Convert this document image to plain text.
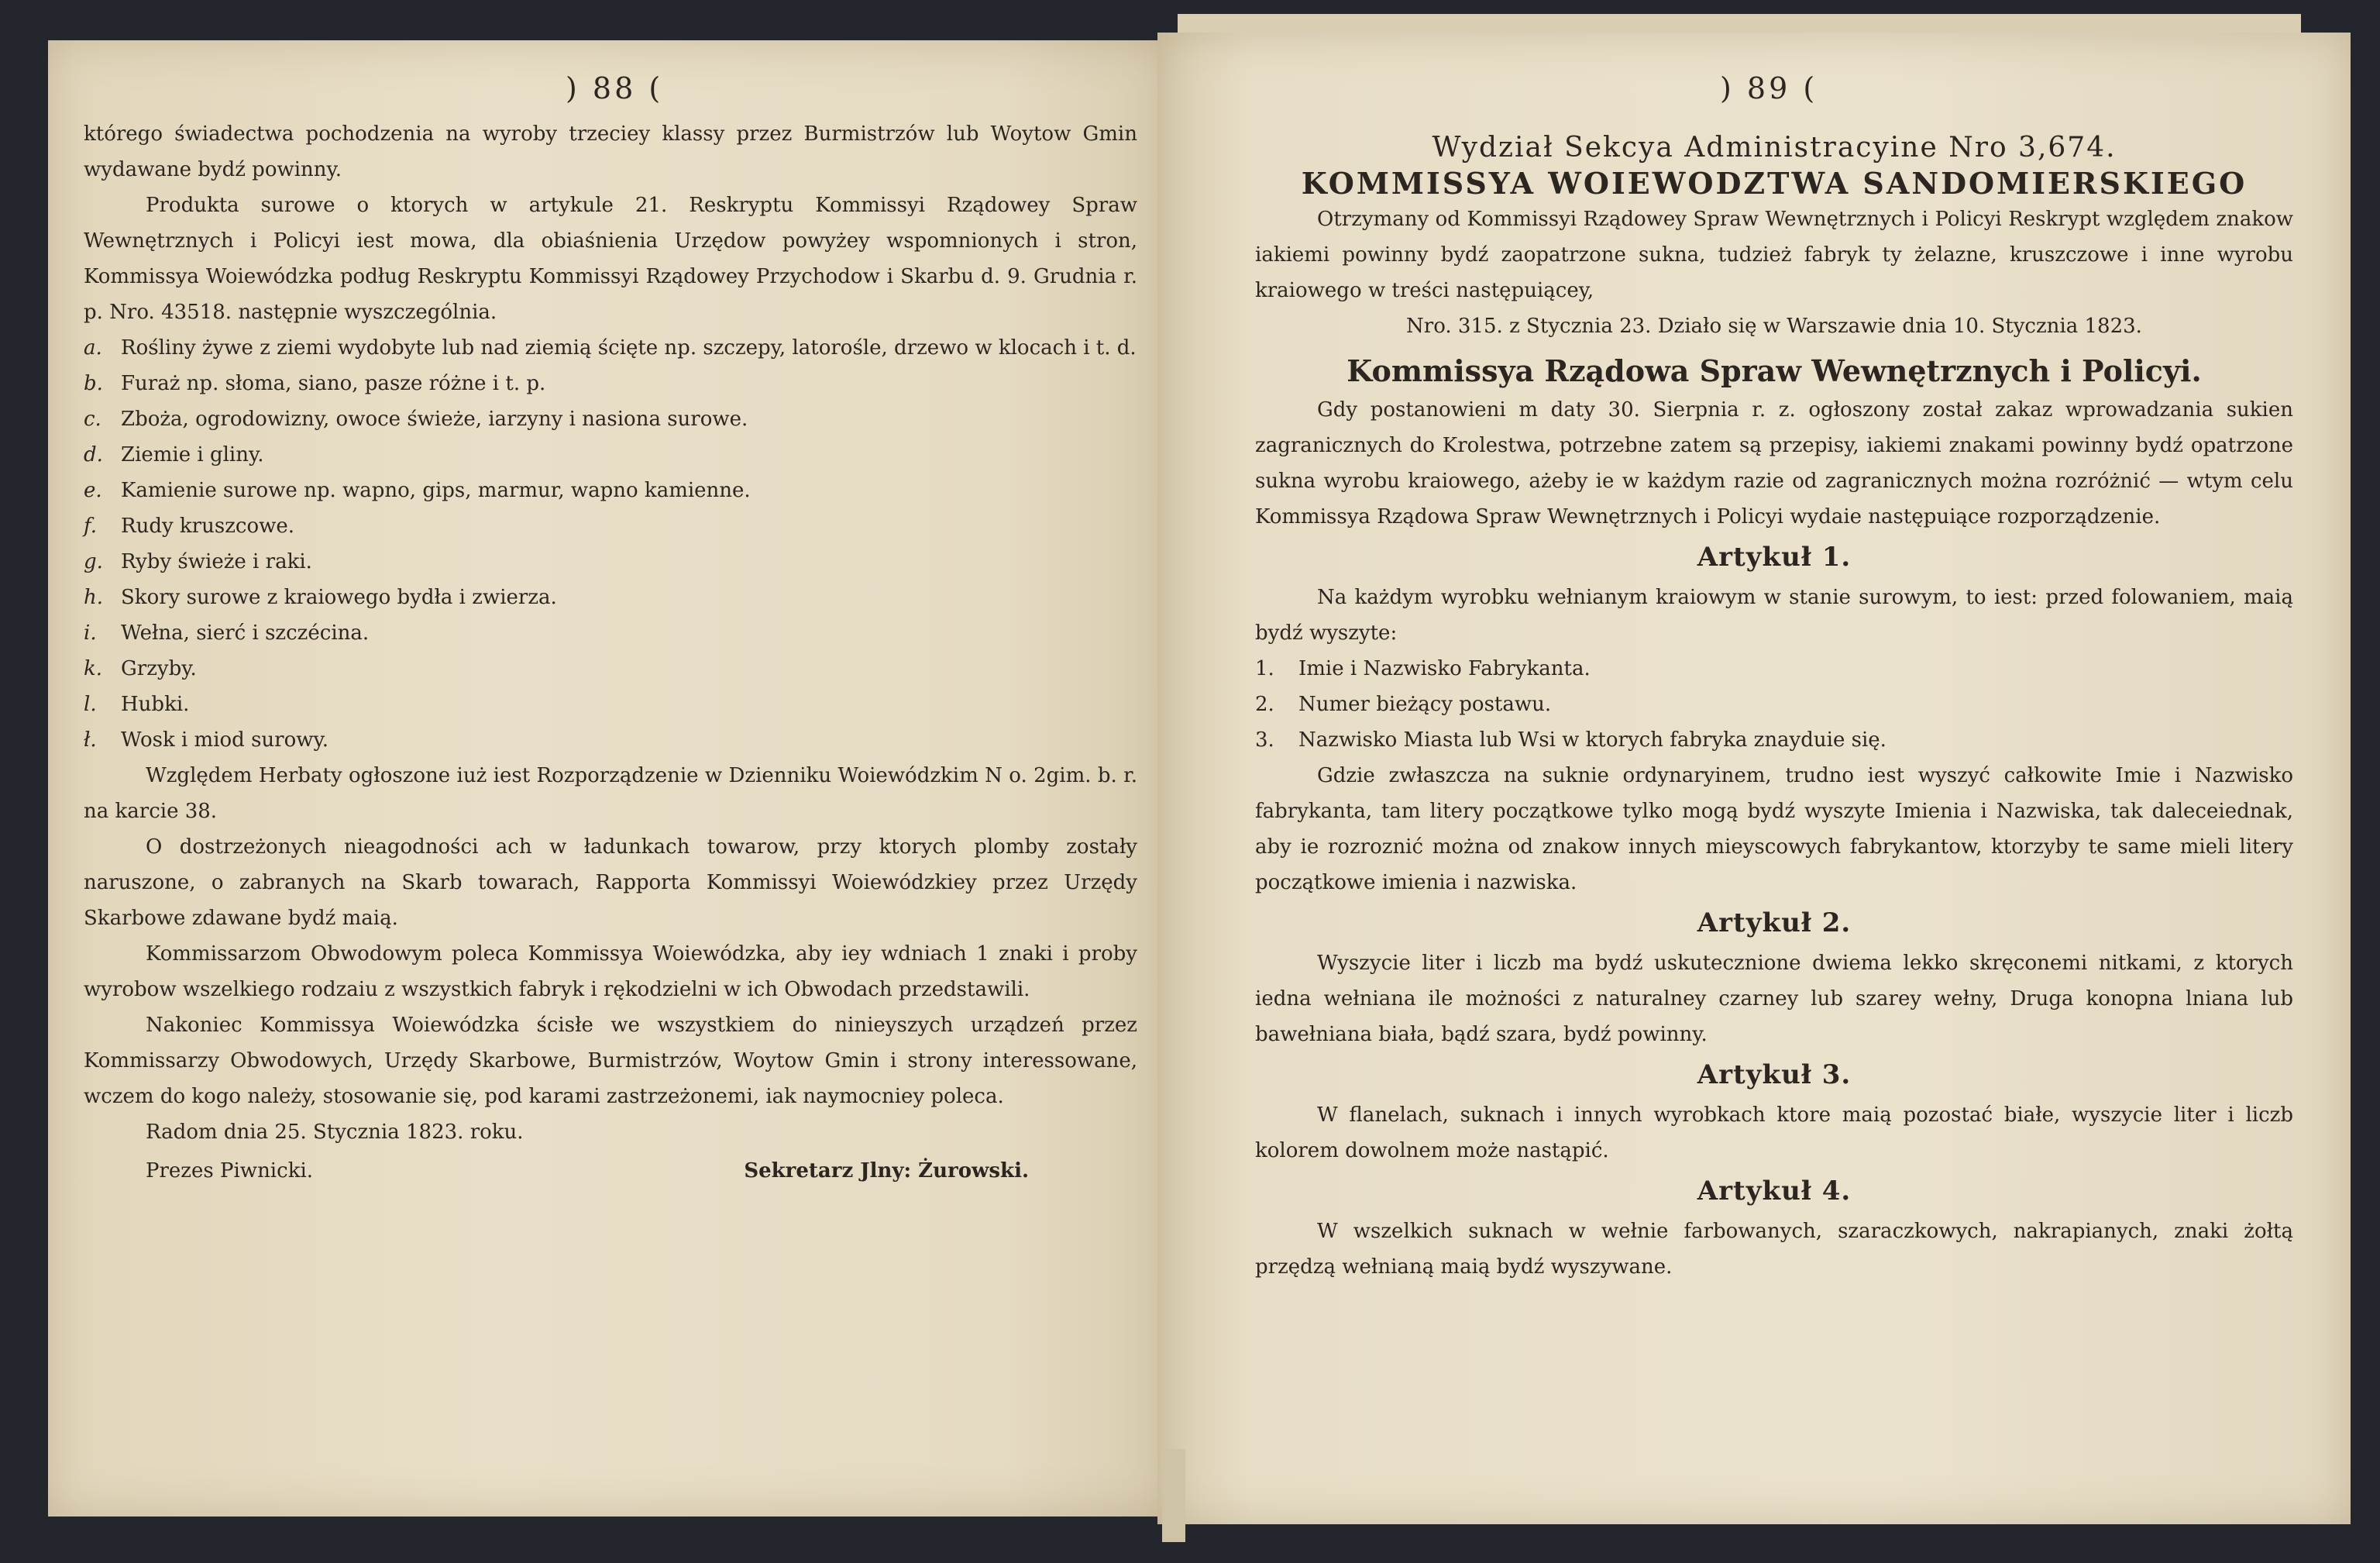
) 88 (	) 89 (

którego świadectwa pochodzenia na wyroby trzeciey klassy przez Burmistrzów lub Woytow Gmin wydawane bydź powinny.

Produkta surowe o ktorych w artykule 21. Reskryptu Kommissyi Rządowey Spraw Wewnętrznych i Policyi iest mowa, dla obiaśnienia Urzędow powyżey wspomnionych i stron, Kommissya Woiewódzka podług Reskryptu Kommissyi Rządowey Przychodow i Skarbu d. 9. Grudnia r. p. Nro. 43518. następnie wyszczególnia.

a. Rośliny żywe z ziemi wydobyte lub nad ziemią ścięte np. szczepy, latorośle, drzewo w klocach i t. d.
b. Furaż np. słoma, siano, pasze różne i t. p.
c. Zboża, ogrodowizny, owoce świeże, iarzyny i nasiona surowe.
d. Ziemie i gliny.
e. Kamienie surowe np. wapno, gips, marmur, wapno kamienne.
f.	Rudy kruszcowe.
g. Ryby świeże i raki.
h. Skory surowe z kraiowego bydła i zwierza.
i.	Wełna, sierć i szczécina.
k. Grzyby.
l.	Hubki.
ł.	Wosk i miod surowy.

Względem Herbaty ogłoszone iuż iest Rozporządzenie w Dzienniku Woiewódzkim N o. 2gim. b. r. na karcie 38.

O dostrzeżonych nieagodności ach w ładunkach towarow, przy ktorych plomby zostały naruszone, o zabranych na Skarb towarach, Rapporta Kommissyi Woiewódzkiey przez Urzędy Skarbowe zdawane bydź maią.

Kommissarzom Obwodowym poleca Kommissya Woiewódzka, aby iey wdniach 1 znaki i proby wyrobow wszelkiego rodzaiu z wszystkich fabryk i rękodzielni w ich Obwodach przedstawili.

Nakoniec Kommissya Woiewódzka ścisłe we wszystkiem do ninieyszych urządzeń przez Kommissarzy Obwodowych, Urzędy Skarbowe, Burmistrzów, Woytow Gmin i strony interessowane, wczem do kogo należy, stosowanie się, pod karami zastrzeżonemi, iak naymocniey poleca.

Radom dnia 25. Stycznia 1823. roku.

Prezes Piwnicki.	Sekretarz Jlny: Żurowski.
Wydział Sekcya Administracyine Nro 3,674.
KOMMISSYA WOIEWODZTWA SANDOMIERSKIEGO

Otrzymany od Kommissyi Rządowey Spraw Wewnętrznych i Policyi Reskrypt względem znakow iakiemi powinny bydź zaopatrzone sukna, tudzież fabryk ty żelazne, kruszczowe i inne wyrobu kraiowego w treści następuiącey,

Nro. 315. z Stycznia 23. Działo się w Warszawie dnia 10. Stycznia 1823.
Kommissya Rządowa Spraw Wewnętrznych i Policyi.

Gdy postanowieni m daty 30. Sierpnia r. z. ogłoszony został zakaz wprowadzania sukien zagranicznych do Krolestwa, potrzebne zatem są przepisy, iakiemi znakami powinny bydź opatrzone sukna wyrobu kraiowego, ażeby ie w każdym razie od zagranicznych można rozróżnić — wtym celu Kommissya Rządowa Spraw Wewnętrznych i Policyi wydaie następuiące rozporządzenie.

Artykuł 1.

Na każdym wyrobku wełnianym kraiowym w stanie surowym, to iest: przed folowaniem, maią bydź wyszyte:

1.	Imie i Nazwisko Fabrykanta.
2.	Numer bieżący postawu.
3.	Nazwisko Miasta lub Wsi w ktorych fabryka znayduie się.

Gdzie zwłaszcza na suknie ordynaryinem, trudno iest wyszyć całkowite Imie i Nazwisko fabrykanta, tam litery początkowe tylko mogą bydź wyszyte Imienia i Nazwiska, tak daleceiednak, aby ie rozroznić można od znakow innych mieyscowych fabrykantow, ktorzyby te same mieli litery początkowe imienia i nazwiska.

Artykuł 2.

Wyszycie liter i liczb ma bydź uskutecznione dwiema lekko skręconemi nitkami, z ktorych iedna wełniana ile możności z naturalney czarney lub szarey wełny, Druga konopna lniana lub bawełniana biała, bądź szara, bydź powinny.

Artykuł 3.

W flanelach, suknach i innych wyrobkach ktore maią pozostać białe, wyszycie liter i liczb kolorem dowolnem może nastąpić.

Artykuł 4.

W wszelkich suknach w wełnie farbowanych, szaraczkowych, nakrapianych, znaki żołtą przędzą wełnianą maią bydź wyszywane.
